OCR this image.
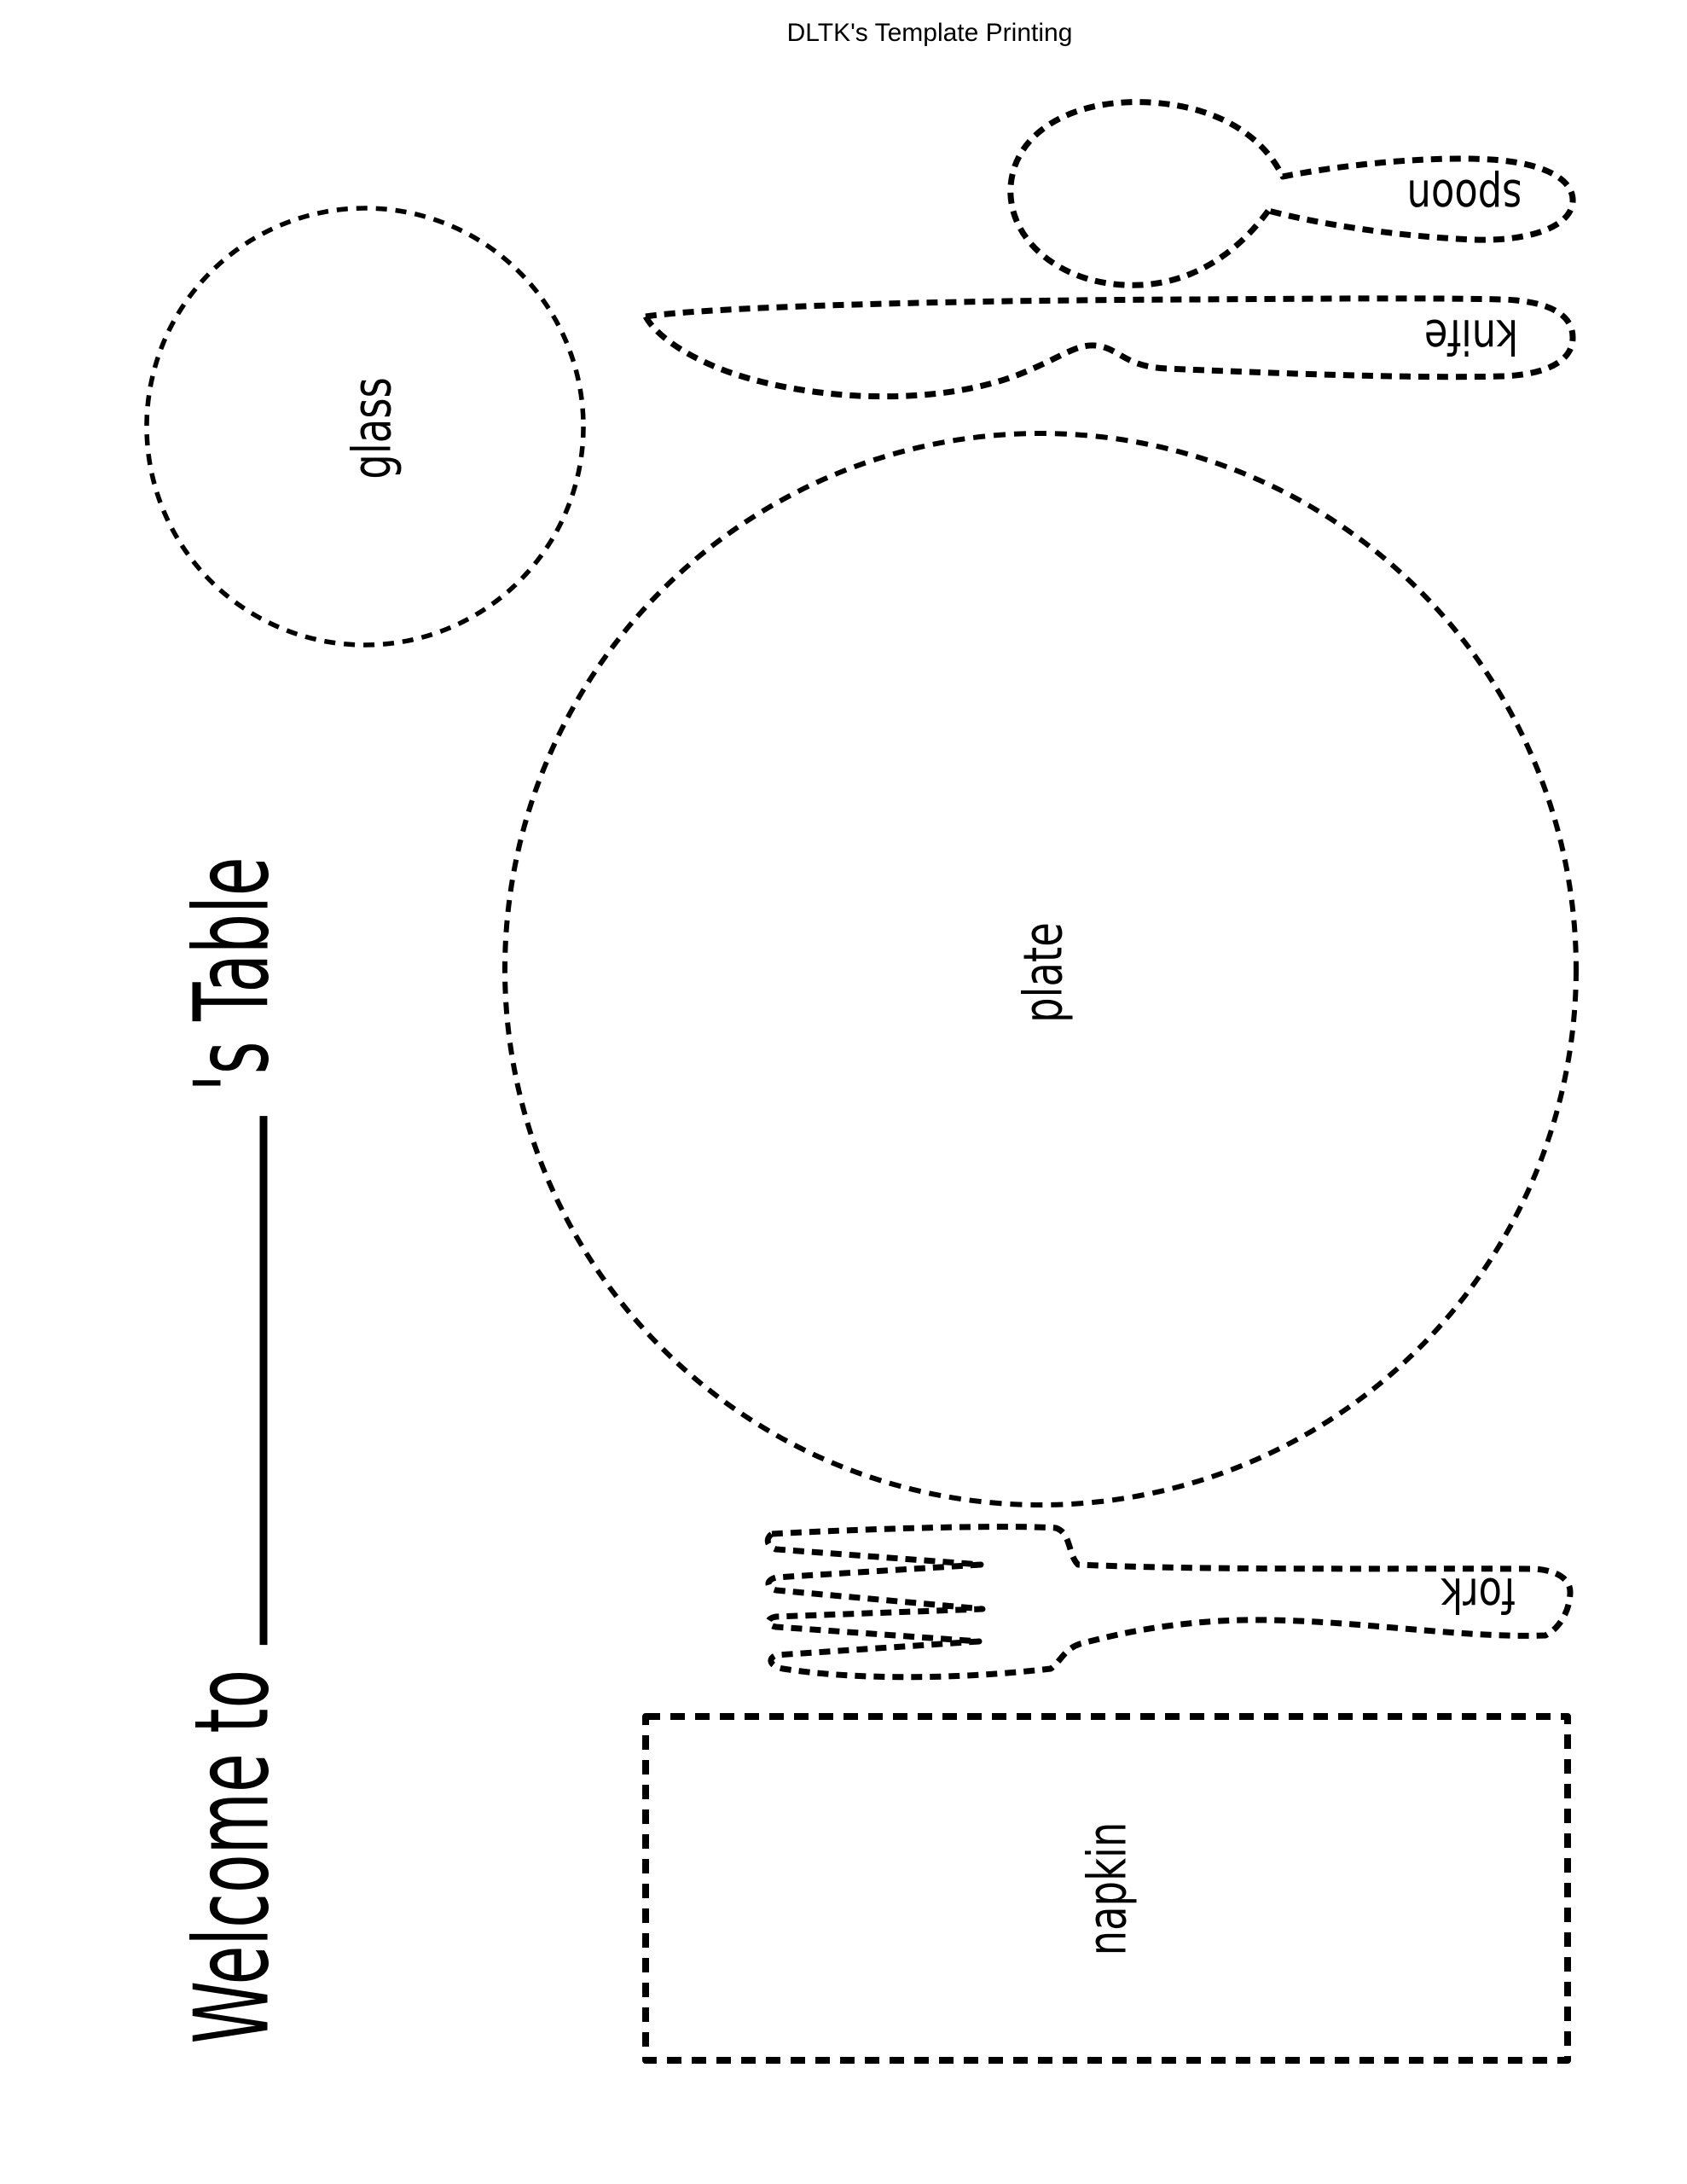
DLTK's Template Printing
glass
spoon
knife
plate
fork
napkin
Welcome to  's Table
